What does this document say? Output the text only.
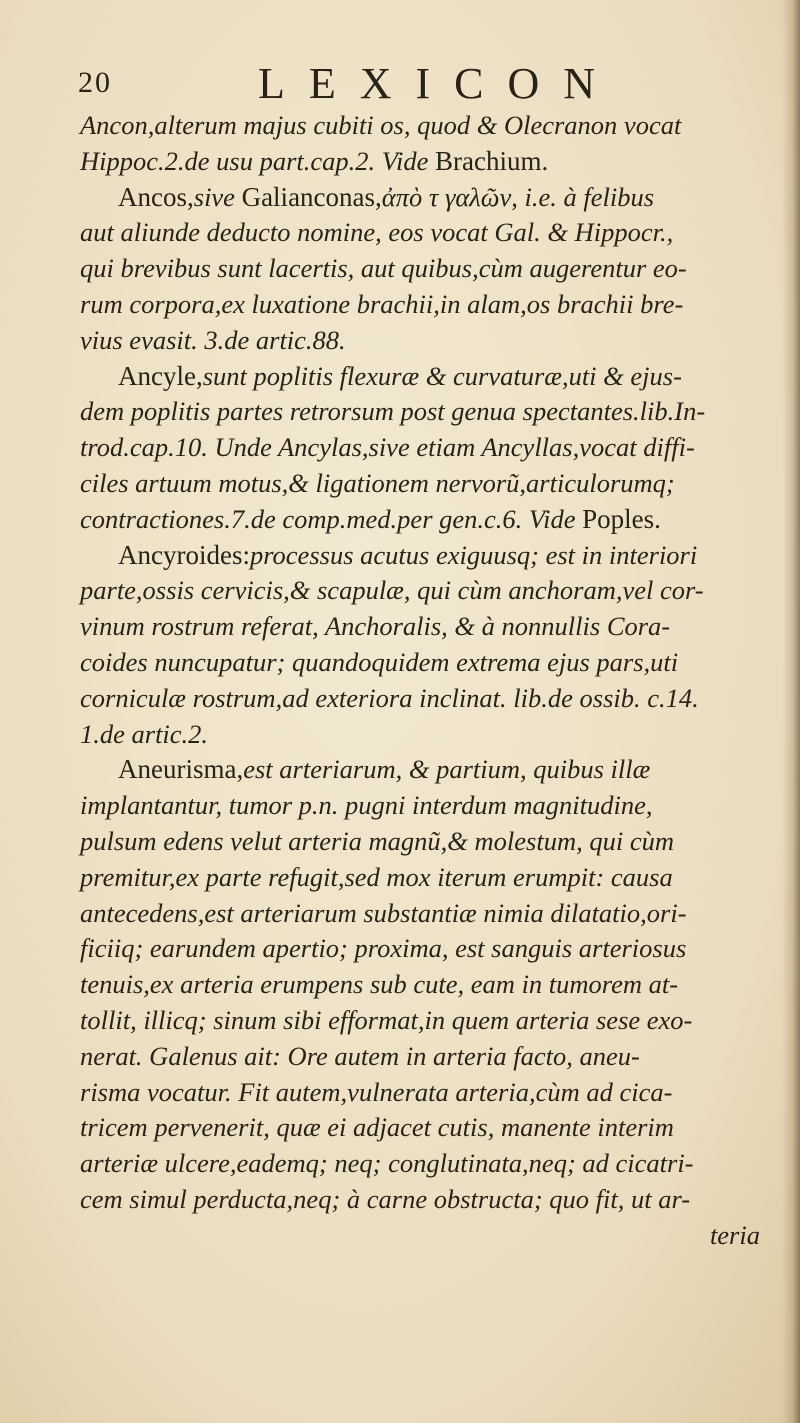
20	LEXICON
Ancon,alterum majus cubiti os, quod & Olecranon vocat
Hippoc.2.de usu part.cap.2. Vide Brachium.
Ancos,sive Galianconas,ἀπὸ τ γαλῶν, i.e. à felibus
aut aliunde deducto nomine, eos vocat Gal. & Hippocr.,
qui brevibus sunt lacertis, aut quibus,cùm augerentur eo-
rum corpora,ex luxatione brachii,in alam,os brachii bre-
vius evasit. 3.de artic.88.
Ancyle,sunt poplitis flexuræ & curvaturæ,uti & ejus-
dem poplitis partes retrorsum post genua spectantes.lib.In-
trod.cap.10. Unde Ancylas,sive etiam Ancyllas,vocat diffi-
ciles artuum motus,& ligationem nervorũ,articulorumq;
contractiones.7.de comp.med.per gen.c.6. Vide Poples.
Ancyroides:processus acutus exiguusq; est in interiori
parte,ossis cervicis,& scapulæ, qui cùm anchoram,vel cor-
vinum rostrum referat, Anchoralis, & à nonnullis Cora-
coides nuncupatur; quandoquidem extrema ejus pars,uti
corniculæ rostrum,ad exteriora inclinat. lib.de ossib. c.14.
1.de artic.2.
Aneurisma,est arteriarum, & partium, quibus illæ
implantantur, tumor p.n. pugni interdum magnitudine,
pulsum edens velut arteria magnũ,& molestum, qui cùm
premitur,ex parte refugit,sed mox iterum erumpit: causa
antecedens,est arteriarum substantiæ nimia dilatatio,ori-
ficiiq; earundem apertio; proxima, est sanguis arteriosus
tenuis,ex arteria erumpens sub cute, eam in tumorem at-
tollit, illicq; sinum sibi efformat,in quem arteria sese exo-
nerat. Galenus ait: Ore autem in arteria facto, aneu-
risma vocatur. Fit autem,vulnerata arteria,cùm ad cica-
tricem pervenerit, quæ ei adjacet cutis, manente interim
arteriæ ulcere,eademq; neq; conglutinata,neq; ad cicatri-
cem simul perducta,neq; à carne obstructa; quo fit, ut ar-
teria
